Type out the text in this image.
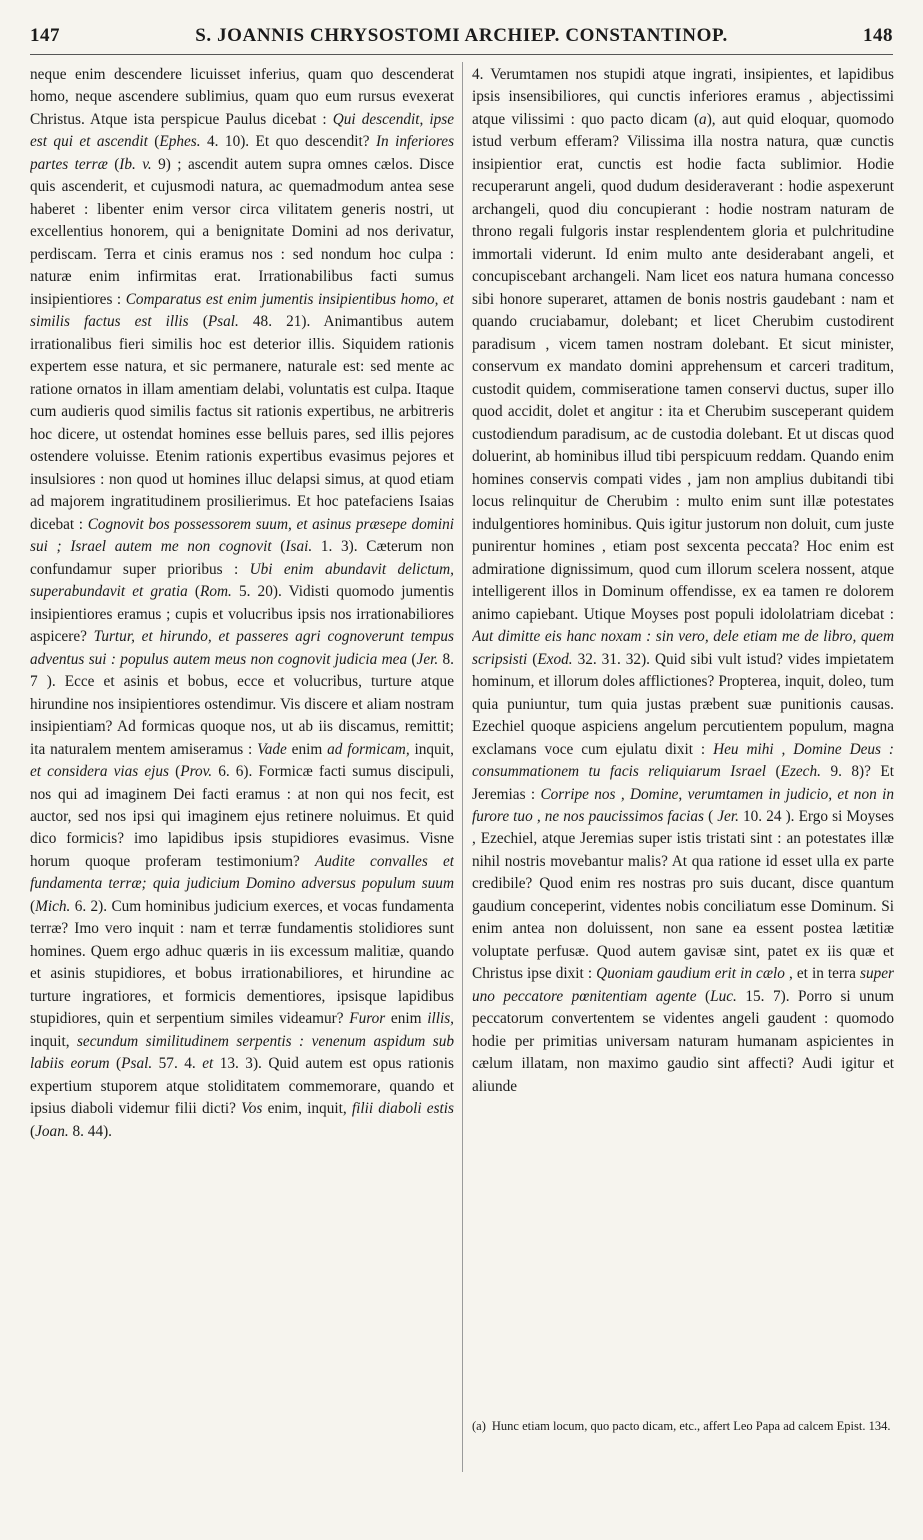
147	S. JOANNIS CHRYSOSTOMI ARCHIEP. CONSTANTINOP.	148

neque enim descendere licuisset inferius, quam quo descenderat homo, neque ascendere sublimius, quam quo eum rursus evexerat Christus. Atque ista perspicue Paulus dicebat : Qui descendit, ipse est qui et ascendit (Ephes. 4. 10). Et quo descendit? In inferiores partes terræ (Ib. v. 9) ; ascendit autem supra omnes cælos. Disce quis ascenderit, et cujusmodi natura, ac quemadmodum antea sese haberet : libenter enim versor circa vilitatem generis nostri, ut excellentius honorem, qui a benignitate Domini ad nos derivatur, perdiscam. Terra et cinis eramus nos : sed nondum hoc culpa : naturæ enim infirmitas erat. Irrationabilibus facti sumus insipientiores : Comparatus est enim jumentis insipientibus homo, et similis factus est illis (Psal. 48. 21). Animantibus autem irrationalibus fieri similis hoc est deterior illis. Siquidem rationis expertem esse natura, et sic permanere, naturale est: sed mente ac ratione ornatos in illam amentiam delabi, voluntatis est culpa. Itaque cum audieris quod similis factus sit rationis expertibus, ne arbitreris hoc dicere, ut ostendat homines esse belluis pares, sed illis pejores ostendere voluisse. Etenim rationis expertibus evasimus pejores et insulsiores : non quod ut homines illuc delapsi simus, at quod etiam ad majorem ingratitudinem prosilierimus. Et hoc patefaciens Isaias dicebat : Cognovit bos possessorem suum, et asinus præsepe domini sui ; Israel autem me non cognovit (Isai. 1. 3). Cæterum non confundamur super prioribus : Ubi enim abundavit delictum, superabundavit et gratia (Rom. 5. 20). Vidisti quomodo jumentis insipientiores eramus ; cupis et volucribus ipsis nos irrationabiliores aspicere? Turtur, et hirundo, et passeres agri cognoverunt tempus adventus sui : populus autem meus non cognovit judicia mea (Jer. 8. 7 ). Ecce et asinis et bobus, ecce et volucribus, turture atque hirundine nos insipientiores ostendimur. Vis discere et aliam nostram insipientiam? Ad formicas quoque nos, ut ab iis discamus, remittit; ita naturalem mentem amiseramus : Vade enim ad formicam, inquit, et considera vias ejus (Prov. 6. 6). Formicæ facti sumus discipuli, nos qui ad imaginem Dei facti eramus : at non qui nos fecit, est auctor, sed nos ipsi qui imaginem ejus retinere noluimus. Et quid dico formicis? imo lapidibus ipsis stupidiores evasimus. Visne horum quoque proferam testimonium? Audite convalles et fundamenta terræ; quia judicium Domino adversus populum suum (Mich. 6. 2). Cum hominibus judicium exerces, et vocas fundamenta terræ? Imo vero inquit : nam et terræ fundamentis stolidiores sunt homines. Quem ergo adhuc quæris in iis excessum malitiæ, quando et asinis stupidiores, et bobus irrationabiliores, et hirundine ac turture ingratiores, et formicis dementiores, ipsisque lapidibus stupidiores, quin et serpentium similes videamur? Furor enim illis, inquit, secundum similitudinem serpentis : venenum aspidum sub labiis eorum (Psal. 57. 4. et 13. 3). Quid autem est opus rationis expertium stuporem atque stoliditatem commemorare, quando et ipsius diaboli videmur filii dicti? Vos enim, inquit, filii diaboli estis (Joan. 8. 44).

4. Verumtamen nos stupidi atque ingrati, insipientes, et lapidibus ipsis insensibiliores, qui cunctis inferiores eramus , abjectissimi atque vilissimi : quo pacto dicam (a), aut quid eloquar, quomodo istud verbum efferam? Vilissima illa nostra natura, quæ cunctis insipientior erat, cunctis est hodie facta sublimior. Hodie recuperarunt angeli, quod dudum desideraverant : hodie aspexerunt archangeli, quod diu concupierant : hodie nostram naturam de throno regali fulgoris instar resplendentem gloria et pulchritudine immortali viderunt. Id enim multo ante desiderabant angeli, et concupiscebant archangeli. Nam licet eos natura humana concesso sibi honore superaret, attamen de bonis nostris gaudebant : nam et quando cruciabamur, dolebant; et licet Cherubim custodirent paradisum , vicem tamen nostram dolebant. Et sicut minister, conservum ex mandato domini apprehensum et carceri traditum, custodit quidem, commiseratione tamen conservi ductus, super illo quod accidit, dolet et angitur : ita et Cherubim susceperant quidem custodiendum paradisum, ac de custodia dolebant. Et ut discas quod doluerint, ab hominibus illud tibi perspicuum reddam. Quando enim homines conservis compati vides , jam non amplius dubitandi tibi locus relinquitur de Cherubim : multo enim sunt illæ potestates indulgentiores hominibus. Quis igitur justorum non doluit, cum juste punirentur homines , etiam post sexcenta peccata? Hoc enim est admiratione dignissimum, quod cum illorum scelera nossent, atque intelligerent illos in Dominum offendisse, ex ea tamen re dolorem animo capiebant. Utique Moyses post populi idololatriam dicebat : Aut dimitte eis hanc noxam : sin vero, dele etiam me de libro, quem scripsisti (Exod. 32. 31. 32). Quid sibi vult istud? vides impietatem hominum, et illorum doles afflictiones? Propterea, inquit, doleo, tum quia puniuntur, tum quia justas præbent suæ punitionis causas. Ezechiel quoque aspiciens angelum percutientem populum, magna exclamans voce cum ejulatu dixit : Heu mihi , Domine Deus : consummationem tu facis reliquiarum Israel (Ezech. 9. 8)? Et Jeremias : Corripe nos , Domine, verumtamen in judicio, et non in furore tuo , ne nos paucissimos facias ( Jer. 10. 24 ). Ergo si Moyses , Ezechiel, atque Jeremias super istis tristati sint : an potestates illæ nihil nostris movebantur malis? At qua ratione id esset ulla ex parte credibile? Quod enim res nostras pro suis ducant, disce quantum gaudium conceperint, videntes nobis conciliatum esse Dominum. Si enim antea non doluissent, non sane ea essent postea lætitiæ voluptate perfusæ. Quod autem gavisæ sint, patet ex iis quæ et Christus ipse dixit : Quoniam gaudium erit in cælo , et in terra super uno peccatore pœnitentiam agente (Luc. 15. 7). Porro si unum peccatorum convertentem se videntes angeli gaudent : quomodo hodie per primitias universam naturam humanam aspicientes in cælum illatam, non maximo gaudio sint affecti? Audi igitur et aliunde

(a) Hunc etiam locum, quo pacto dicam, etc., affert Leo Papa ad calcem Epist. 134.
